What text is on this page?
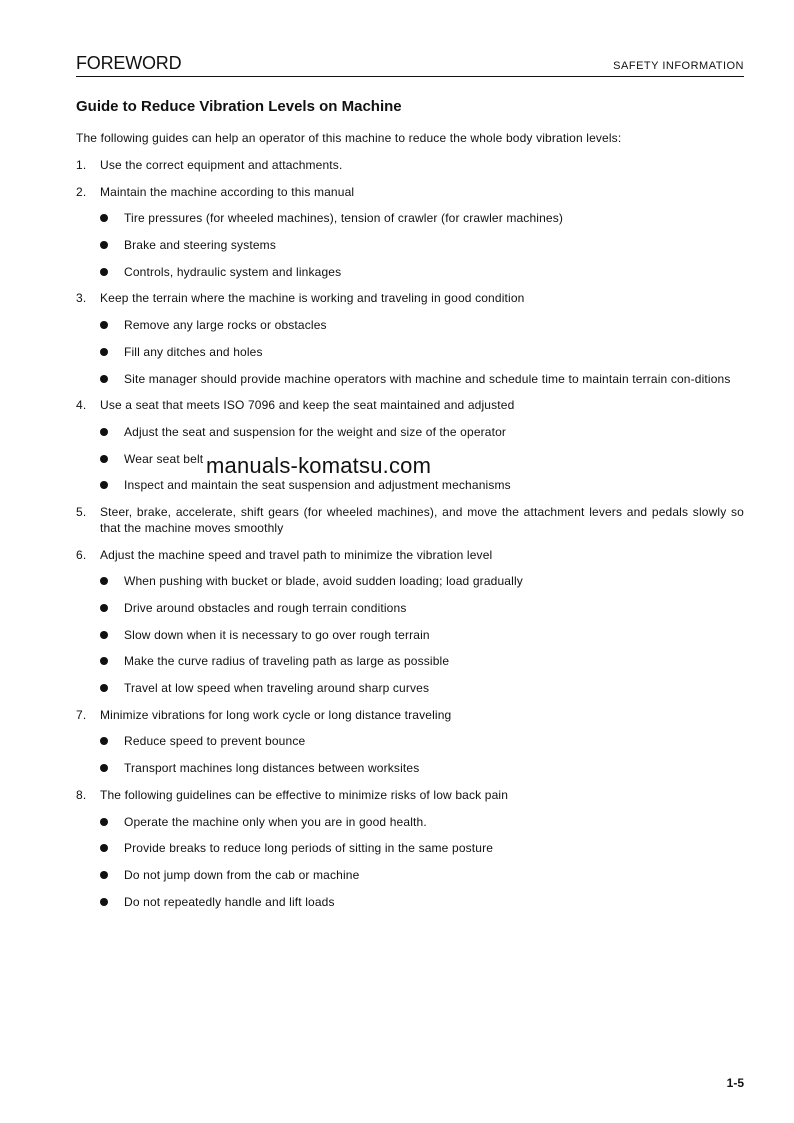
FOREWORD	SAFETY INFORMATION
Guide to Reduce Vibration Levels on Machine
The following guides can help an operator of this machine to reduce the whole body vibration levels:
1. Use the correct equipment and attachments.
2. Maintain the machine according to this manual
Tire pressures (for wheeled machines), tension of crawler (for crawler machines)
Brake and steering systems
Controls, hydraulic system and linkages
3. Keep the terrain where the machine is working and traveling in good condition
Remove any large rocks or obstacles
Fill any ditches and holes
Site manager should provide machine operators with machine and schedule time to maintain terrain con-ditions
4. Use a seat that meets ISO 7096 and keep the seat maintained and adjusted
Adjust the seat and suspension for the weight and size of the operator
Wear seat belt
Inspect and maintain the seat suspension and adjustment mechanisms
5. Steer, brake, accelerate, shift gears (for wheeled machines), and move the attachment levers and pedals slowly so that the machine moves smoothly
6. Adjust the machine speed and travel path to minimize the vibration level
When pushing with bucket or blade, avoid sudden loading; load gradually
Drive around obstacles and rough terrain conditions
Slow down when it is necessary to go over rough terrain
Make the curve radius of traveling path as large as possible
Travel at low speed when traveling around sharp curves
7. Minimize vibrations for long work cycle or long distance traveling
Reduce speed to prevent bounce
Transport machines long distances between worksites
8. The following guidelines can be effective to minimize risks of low back pain
Operate the machine only when you are in good health.
Provide breaks to reduce long periods of sitting in the same posture
Do not jump down from the cab or machine
Do not repeatedly handle and lift loads
manuals-komatsu.com
1-5
